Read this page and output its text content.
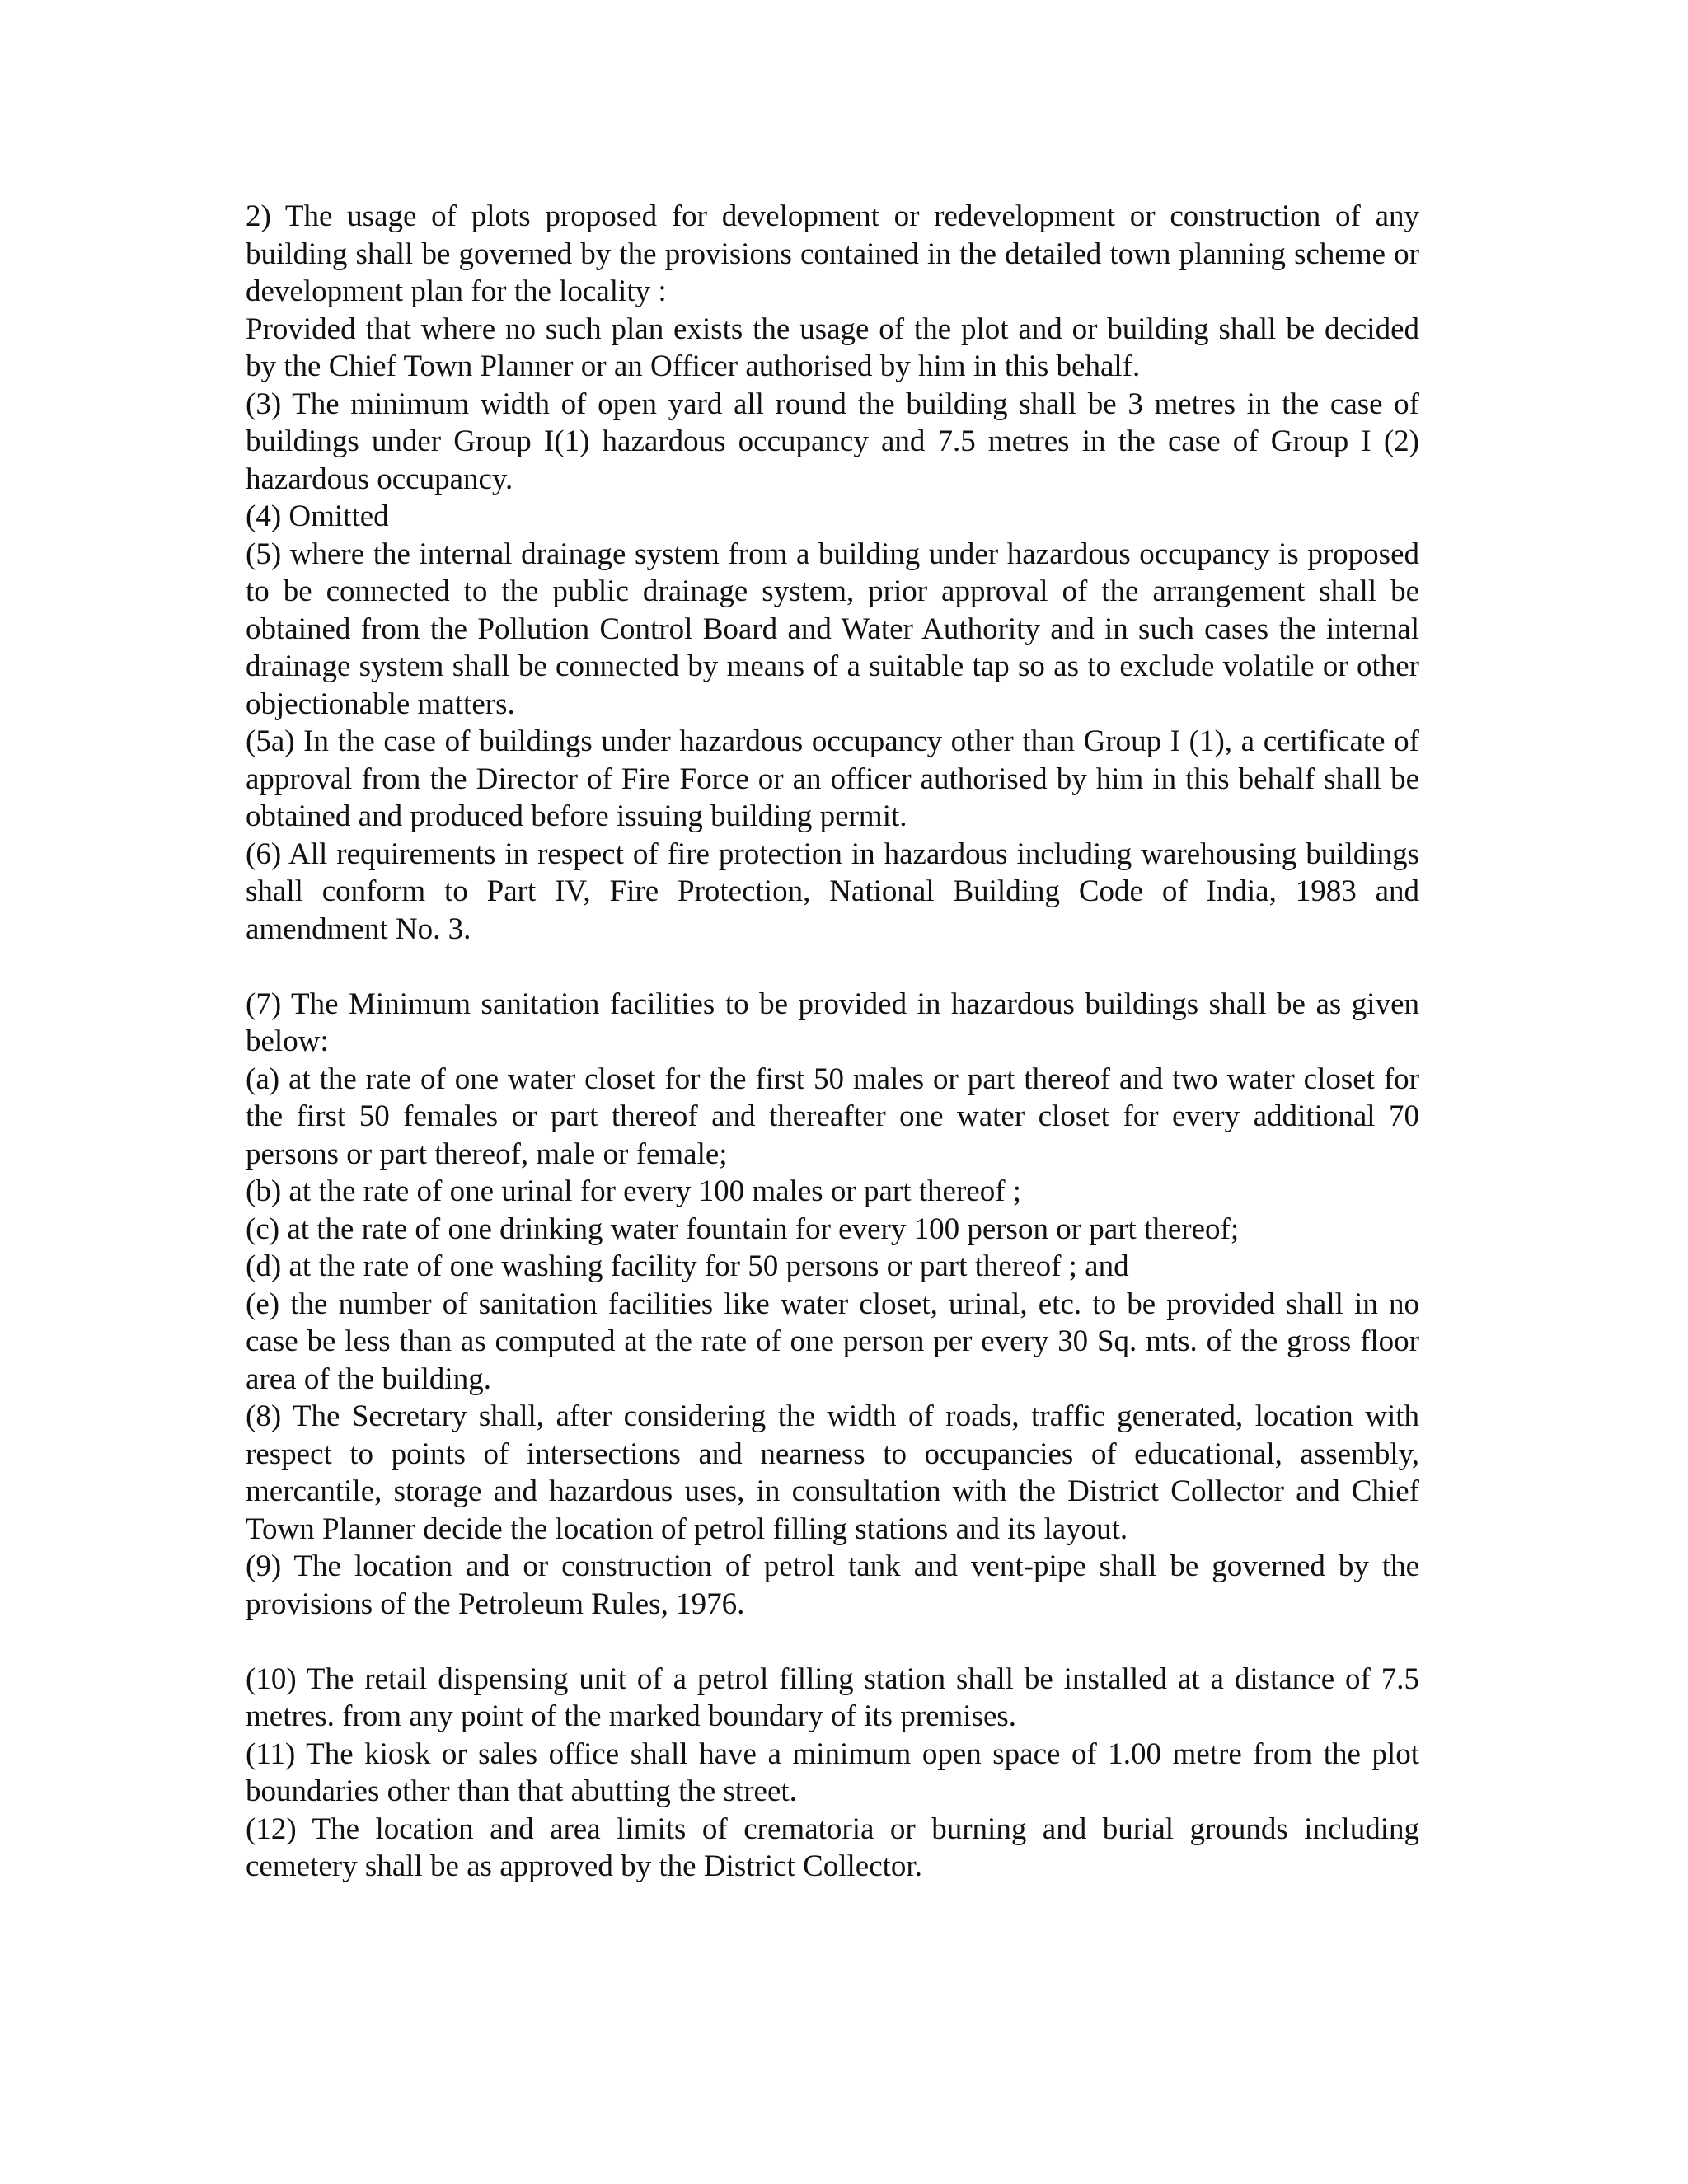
2) The usage of plots proposed for development or redevelopment or construction of any building shall be governed by the provisions contained in the detailed town planning scheme or development plan for the locality :

Provided that where no such plan exists the usage of the plot and or building shall be decided by the Chief Town Planner or an Officer authorised by him in this behalf.

(3) The minimum width of open yard all round the building shall be 3 metres in the case of buildings under Group I(1) hazardous occupancy and 7.5 metres in the case of Group I (2) hazardous occupancy.

(4) Omitted

(5) where the internal drainage system from a building under hazardous occupancy is proposed to be connected to the public drainage system, prior approval of the arrangement shall be obtained from the Pollution Control Board and Water Authority and in such cases the internal drainage system shall be connected by means of a suitable tap so as to exclude volatile or other objectionable matters.

(5a) In the case of buildings under hazardous occupancy other than Group I (1), a certificate of approval from the Director of Fire Force or an officer authorised by him in this behalf shall be obtained and produced before issuing building permit.

(6) All requirements in respect of fire protection in hazardous including warehousing buildings shall conform to Part IV, Fire Protection, National Building Code of India, 1983 and amendment No. 3.

(7) The Minimum sanitation facilities to be provided in hazardous buildings shall be as given below:

(a) at the rate of one water closet for the first 50 males or part thereof and two water closet for the first 50 females or part thereof and thereafter one water closet for every additional 70 persons or part thereof, male or female;

(b) at the rate of one urinal for every 100 males or part thereof ;

(c) at the rate of one drinking water fountain for every 100 person or part thereof;

(d) at the rate of one washing facility for 50 persons or part thereof ; and

(e) the number of sanitation facilities like water closet, urinal, etc. to be provided shall in no case be less than as computed at the rate of one person per every 30 Sq. mts. of the gross floor area of the building.

(8) The Secretary shall, after considering the width of roads, traffic generated, location with respect to points of intersections and nearness to occupancies of educational, assembly, mercantile, storage and hazardous uses, in consultation with the District Collector and Chief Town Planner decide the location of petrol filling stations and its layout.

(9) The location and or construction of petrol tank and vent-pipe shall be governed by the provisions of the Petroleum Rules, 1976.

(10) The retail dispensing unit of a petrol filling station shall be installed at a distance of 7.5 metres. from any point of the marked boundary of its premises.

(11) The kiosk or sales office shall have a minimum open space of 1.00 metre from the plot boundaries other than that abutting the street.

(12) The location and area limits of crematoria or burning and burial grounds including cemetery shall be as approved by the District Collector.
